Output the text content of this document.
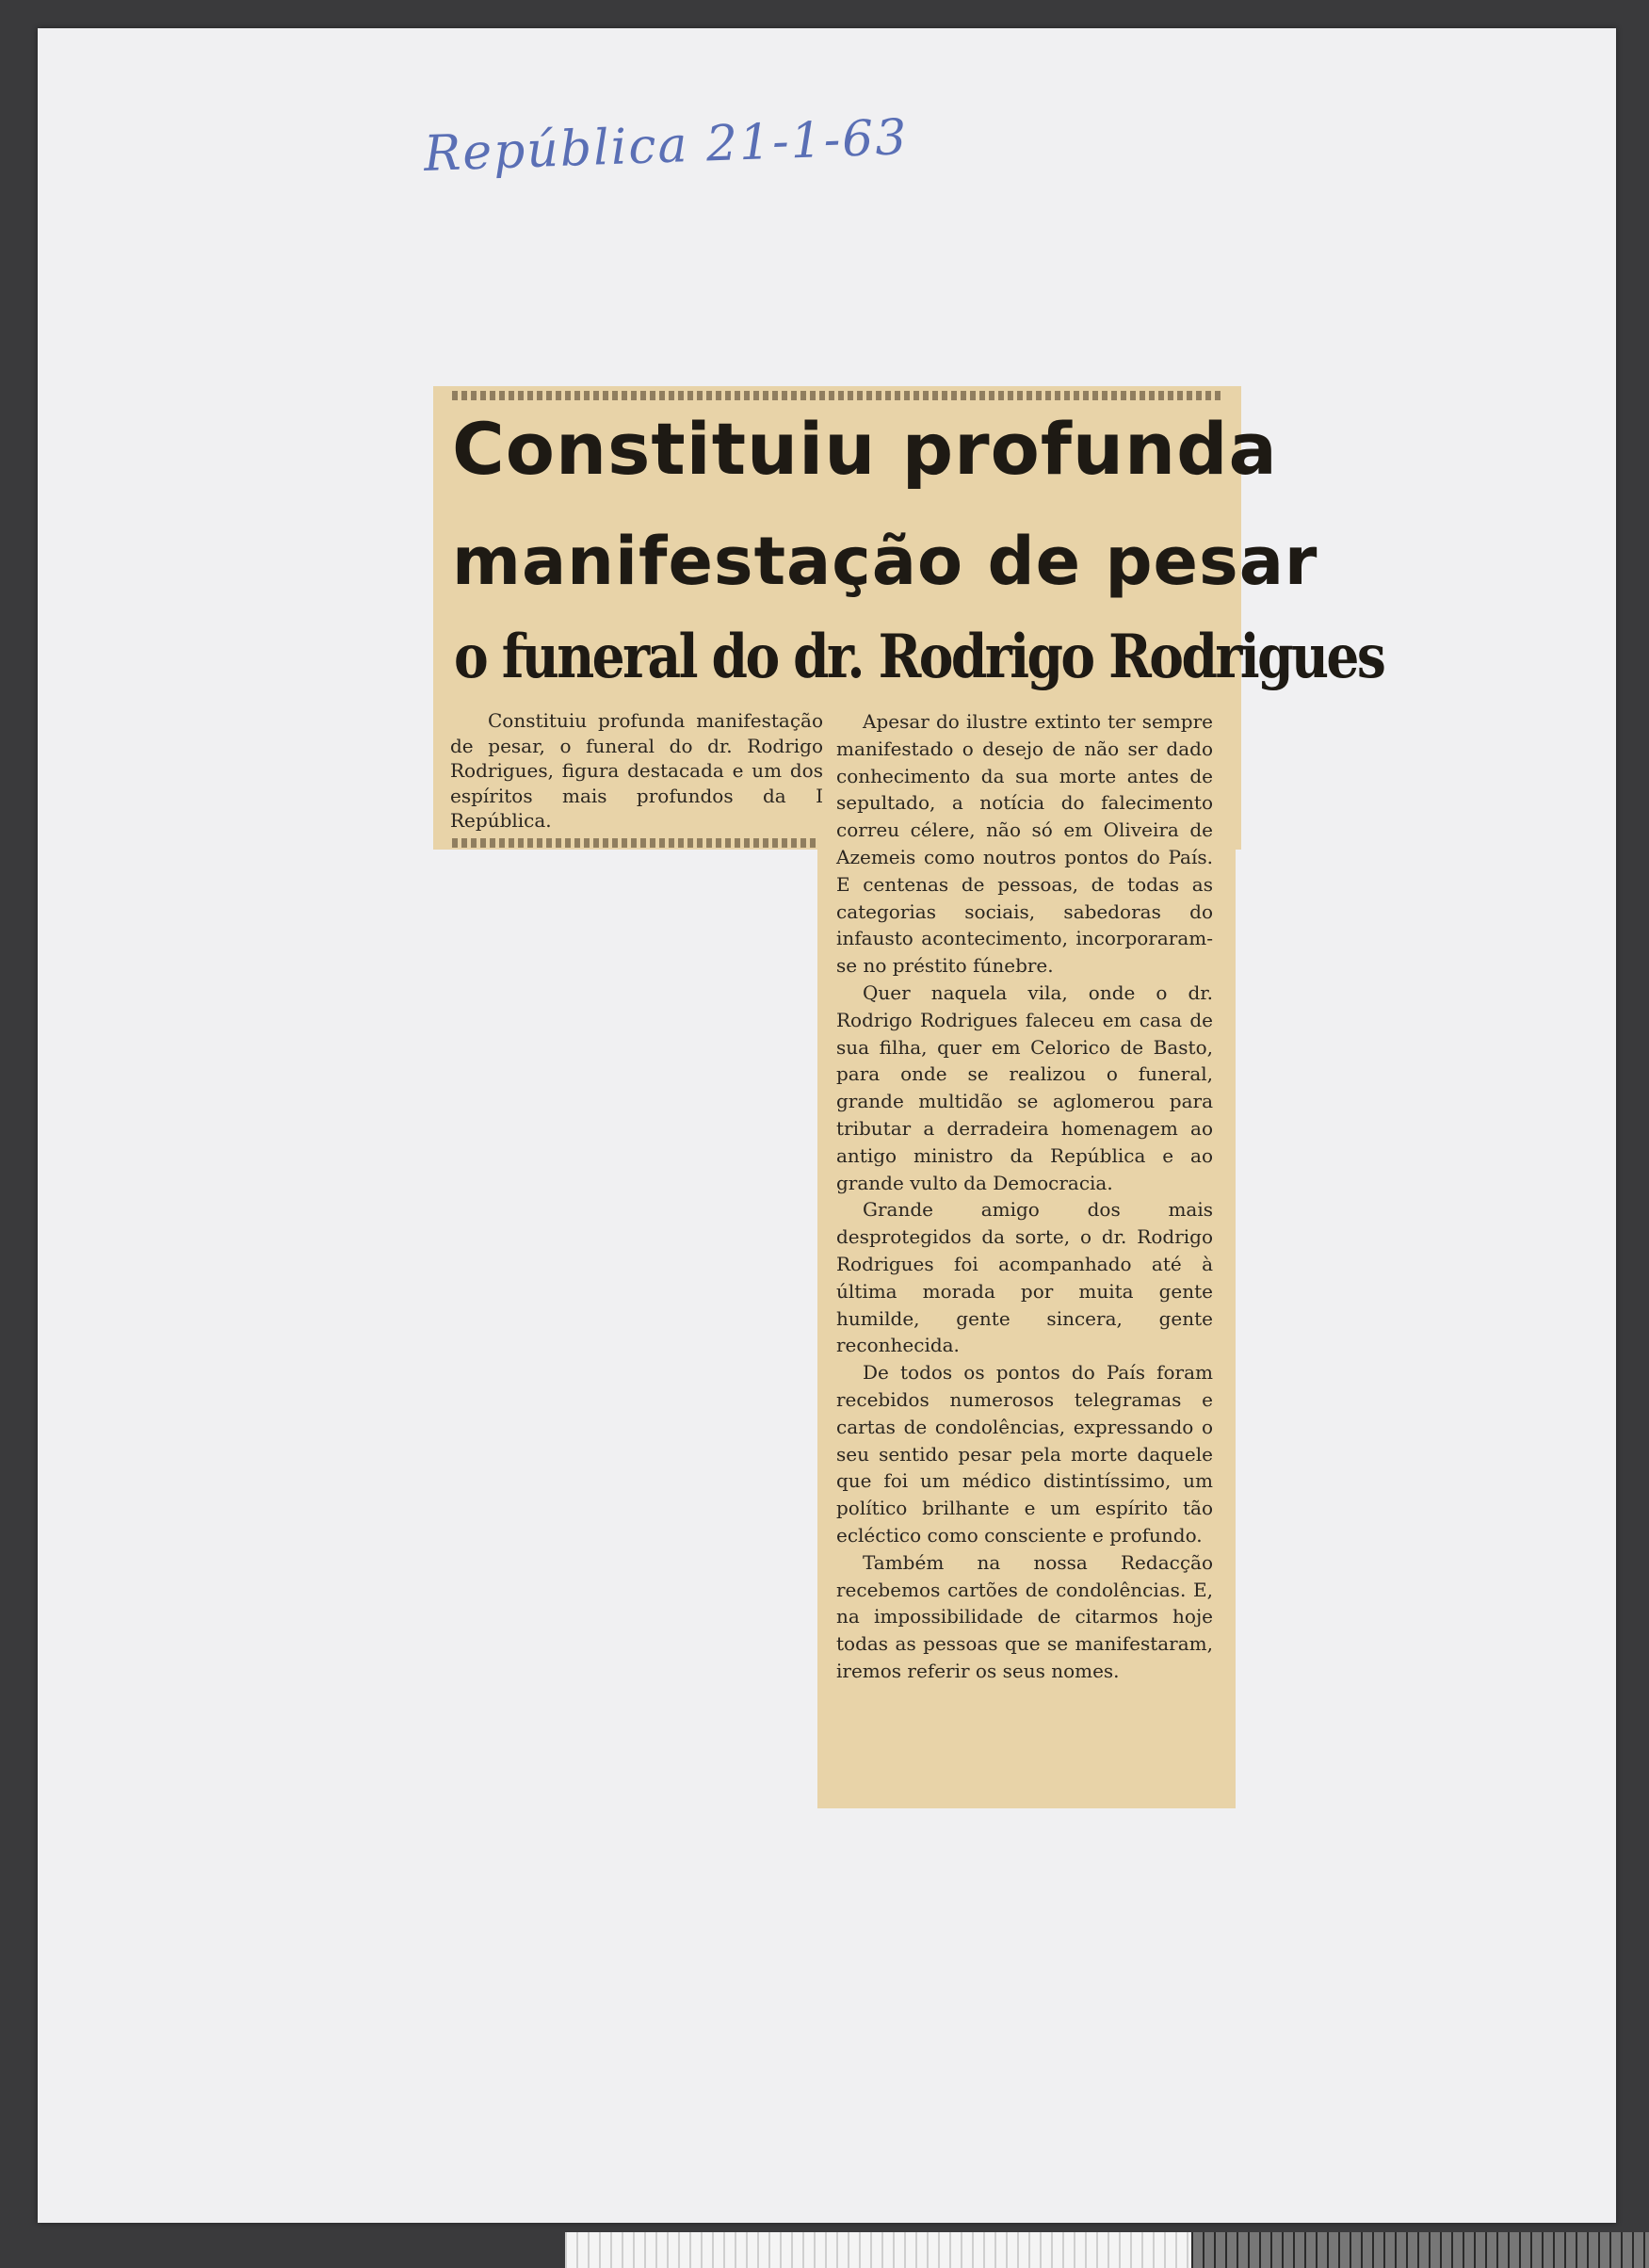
República 21-1-63
Constituiu profunda
manifestação de pesar
o funeral do dr. Rodrigo Rodrigues
Constituiu profunda manifestação de pesar, o funeral do dr. Rodrigo Rodrigues, figura destacada e um dos espíritos mais profundos da I República.

Apesar do ilustre extinto ter sempre manifestado o desejo de não ser dado conhecimento da sua morte antes de sepultado, a notícia do falecimento correu célere, não só em Oliveira de Azemeis como noutros pontos do País. E centenas de pessoas, de todas as categorias sociais, sabedoras do infausto acontecimento, incorporaram-se no préstito fúnebre.

Quer naquela vila, onde o dr. Rodrigo Rodrigues faleceu em casa de sua filha, quer em Celorico de Basto, para onde se realizou o funeral, grande multidão se aglomerou para tributar a derradeira homenagem ao antigo ministro da República e ao grande vulto da Democracia.

Grande amigo dos mais desprotegidos da sorte, o dr. Rodrigo Rodrigues foi acompanhado até à última morada por muita gente humilde, gente sincera, gente reconhecida.

De todos os pontos do País foram recebidos numerosos telegramas e cartas de condolências, expressando o seu sentido pesar pela morte daquele que foi um médico distintíssimo, um político brilhante e um espírito tão ecléctico como consciente e profundo.

Também na nossa Redacção recebemos cartões de condolências. E, na impossibilidade de citarmos hoje todas as pessoas que se manifestaram, iremos referir os seus nomes.
